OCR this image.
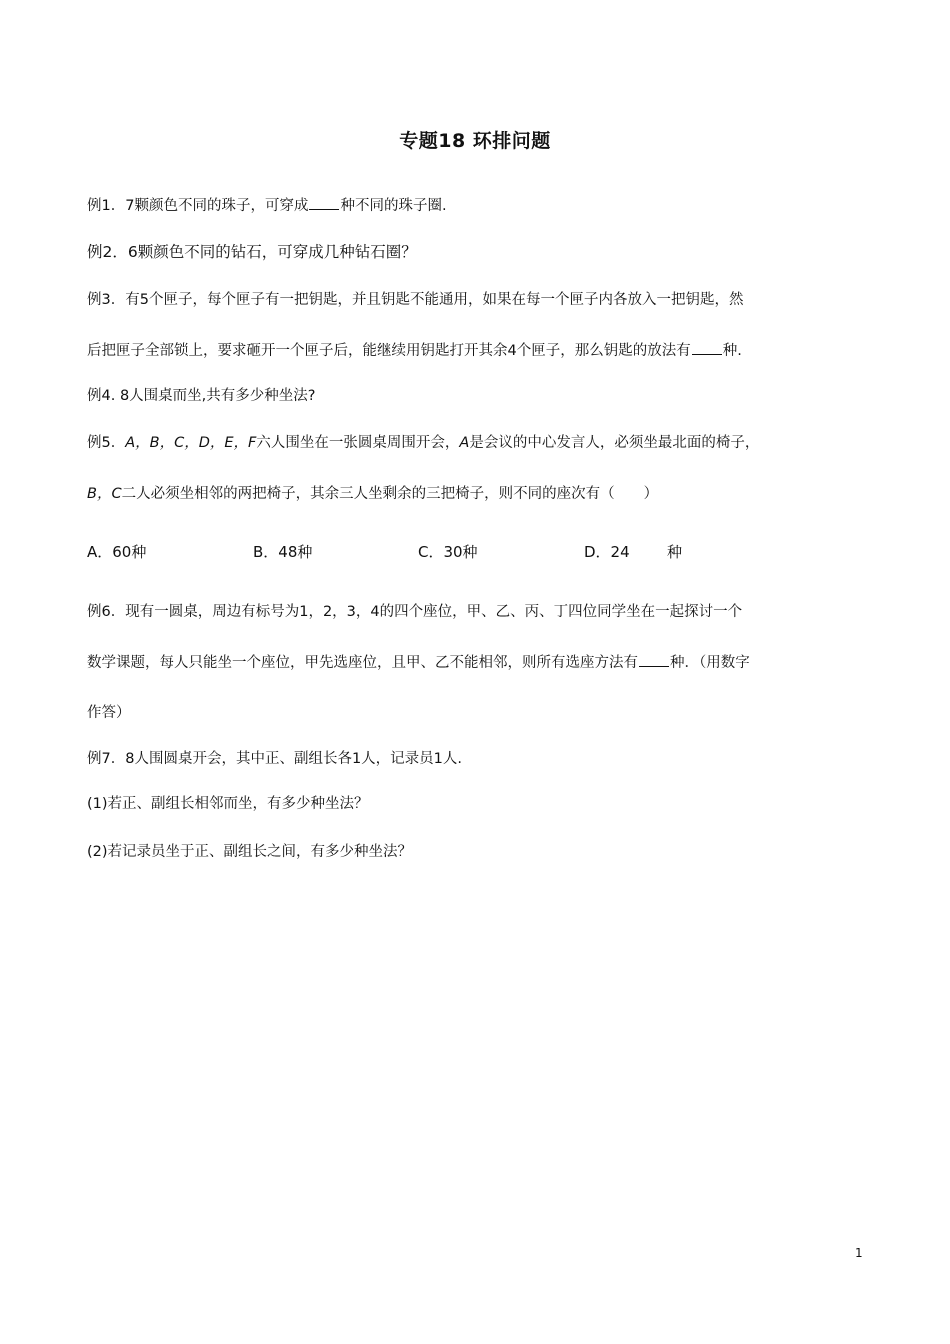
专题18 环排问题
例1．7颗颜色不同的珠子，可穿成 种不同的珠子圈.
例2．6颗颜色不同的钻石，可穿成几种钻石圈？
例3．有5个匣子，每个匣子有一把钥匙，并且钥匙不能通用，如果在每一个匣子内各放入一把钥匙，然
后把匣子全部锁上，要求砸开一个匣子后，能继续用钥匙打开其余4个匣子，那么钥匙的放法有 种.
例4. 8人围桌而坐,共有多少种坐法?
例5．A，B，C，D，E，F六人围坐在一张圆桌周围开会，A是会议的中心发言人，必须坐最北面的椅子，
B，C二人必须坐相邻的两把椅子，其余三人坐剩余的三把椅子，则不同的座次有（　　）
A．60种	B．48种	C．30种	D．24 种
例6．现有一圆桌，周边有标号为1，2，3，4的四个座位，甲、乙、丙、丁四位同学坐在一起探讨一个
数学课题，每人只能坐一个座位，甲先选座位，且甲、乙不能相邻，则所有选座方法有 种．（用数字
作答）
例7．8人围圆桌开会，其中正、副组长各1人，记录员1人.
(1)若正、副组长相邻而坐，有多少种坐法？
(2)若记录员坐于正、副组长之间，有多少种坐法？
1
